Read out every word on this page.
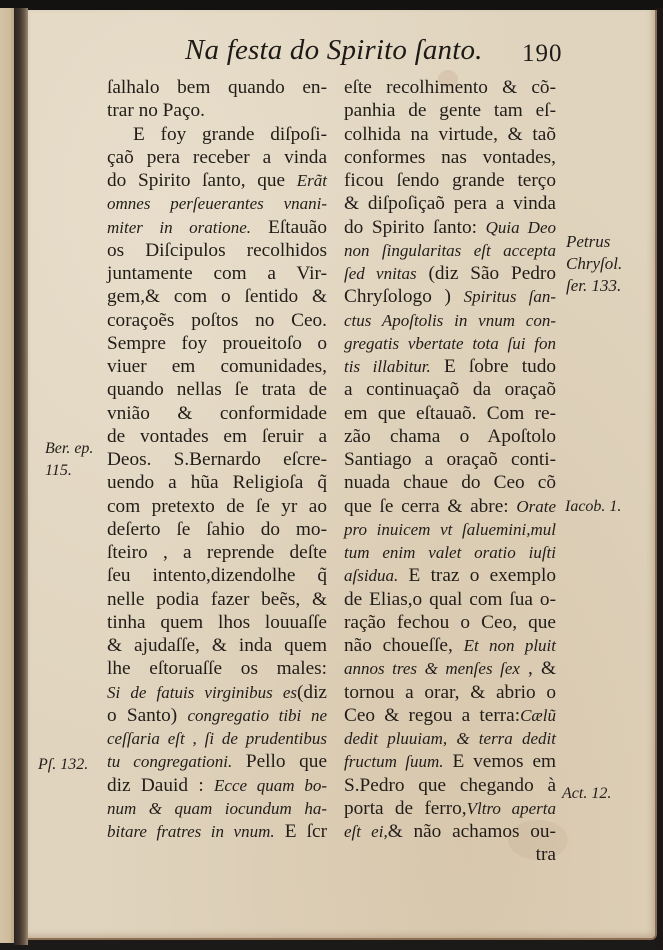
Na festa do Spirito ſanto. 190
ſalhalo bem quando en-
trar no Paço.
E foy grande diſpoſi-
çaõ pera receber a vinda
do Spirito ſanto, que Erãt
omnes perſeuerantes vnani-
miter in oratione. Eſtauão
os Diſcipulos recolhidos
juntamente com a Vir-
gem,& com o ſentido &
coraçoẽs poſtos no Ceo.
Sempre foy proueitoſo o
viuer em comunidades,
quando nellas ſe trata de
vnião & conformidade
de vontades em ſeruir a
Deos. S.Bernardo eſcre-
uendo a hũa Religioſa q̃
com pretexto de ſe yr ao
deſerto ſe ſahio do mo-
ſteiro , a reprende deſte
ſeu intento,dizendolhe q̃
nelle podia fazer beẽs, &
tinha quem lhos louuaſſe
& ajudaſſe, & inda quem
lhe eſtoruaſſe os males:
Si de fatuis virginibus es(diz
o Santo) congregatio tibi ne
ceſſaria eſt , ſi de prudentibus
tu congregationi. Pello que
diz Dauid : Ecce quam bo-
num & quam iocundum ha-
bitare fratres in vnum. E ſcr
eſte recolhimento & cõ-
panhia de gente tam eſ-
colhida na virtude, & taõ
conformes nas vontades,
ficou ſendo grande terço
& diſpoſiçaõ pera a vinda
do Spirito ſanto: Quia Deo
non ſingularitas eſt accepta
ſed vnitas (diz São Pedro
Chryſologo ) Spiritus ſan-
ctus Apoſtolis in vnum con-
gregatis vbertate tota ſui fon
tis illabitur. E ſobre tudo
a continuaçaõ da oraçaõ
em que eſtauaõ. Com re-
zão chama o Apoſtolo
Santiago a oraçaõ conti-
nuada chaue do Ceo cõ
que ſe cerra & abre: Orate
pro inuicem vt ſaluemini,mul
tum enim valet oratio iuſti
aſsidua. E traz o exemplo
de Elias,o qual com ſua o-
ração fechou o Ceo, que
não choueſſe, Et non pluit
annos tres & menſes ſex , &
tornou a orar, & abrio o
Ceo & regou a terra:Cælũ
dedit pluuiam, & terra dedit
fructum ſuum. E vemos em
S.Pedro que chegando à
porta de ferro,Vltro aperta
eſt ei,& não achamos ou-
tra
Ber. ep.
115.
Pſ. 132.
Petrus
Chryſol.
ſer. 133.
Iacob. 1.
Act. 12.
